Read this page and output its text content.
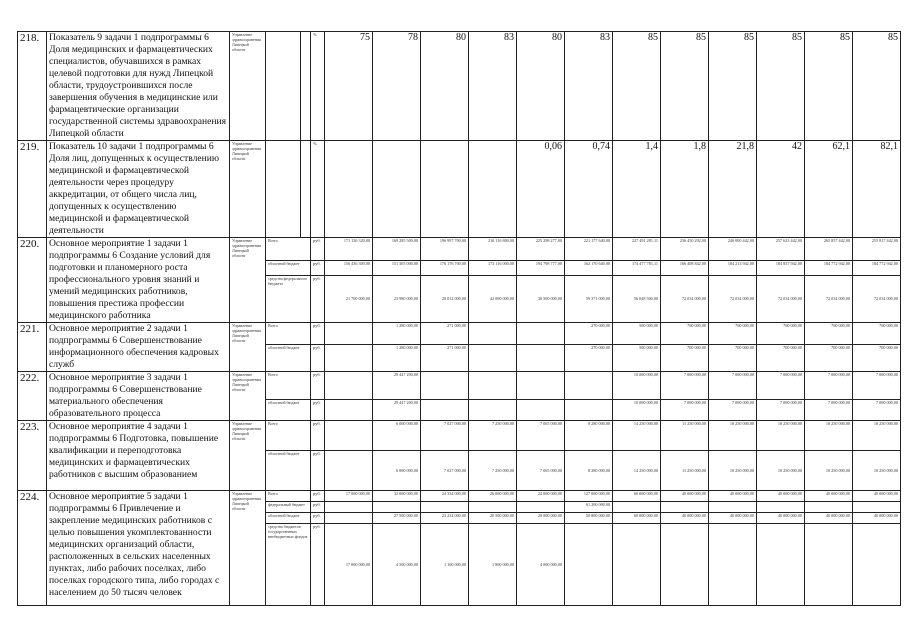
218.	Показатель 9 задачи 1 подпрограммы 6 Доля медицинских и фармацевтических специалистов, обучавшихся в рамках целевой подготовки для нужд Липецкой области, трудоустроившихся после завершения обучения в медицинские или фармацевтические организации государственной системы здравоохранения Липецкой области	Управление здравоохранения Липецкой области			%	75	78	80	83	80	83	85	85	85	85	85	85
219.	Показатель 10 задачи 1 подпрограммы 6 Доля лиц, допущенных к осуществлению медицинской и фармацевтической деятельности через процедуру аккредитации, от общего числа лиц, допущенных к осуществлению медицинской и фармацевтической деятельности	Управление здравоохранения Липецкой области			%					0,06	0,74	1,4	1,8	21,8	42	62,1	82,1
220.	Основное мероприятие 1 задачи 1 подпрограммы 6 Создание условий для подготовки и планомерного роста профессионального уровня знаний и умений медицинских работников, повышения престижа профессии медицинского работника	Управление здравоохранения Липецкой области	Всего		руб.	171 136 320,00	169 285 500,00	196 997 700,00	216 116 800,00	225 298 277,00	221 177 640,00	227 491 281,11	236 450 292,00	246 000 442,00	257 623 442,00	265 857 442,00	255 817 442,00
			областной бюджет		руб.	156 436 300,00	151 305 000,00	176 176 700,00	173 116 000,00	194 798 777,00	162 170 640,00	174 477 781,11	166 408 842,00	184 213 942,00	184 837 942,00	184 772 942,00	184 772 942,00
			средства федерального бюджета		руб.	21 700 000,00	23 980 000,00	20 012 000,00	42 000 000,00	30 500 000,00	59 371 000,00	56 048 500,00	72 034 000,00	72 034 000,00	72 034 000,00	72 034 000,00	72 034 000,00
221.	Основное мероприятие 2 задачи 1 подпрограммы 6 Совершенствование информационного обеспечения кадровых служб	Управление здравоохранения Липецкой области	Всего		руб.		1 280 000,00	271 000,00			270 000,00	500 000,00	700 000,00	700 000,00	700 000,00	700 000,00	700 000,00
			областной бюджет		руб.		1 280 000,00	271 000,00			270 000,00	500 000,00	700 000,00	700 000,00	700 000,00	700 000,00	700 000,00
222.	Основное мероприятие 3 задачи 1 подпрограммы 6 Совершенствование материального обеспечения образовательного процесса	Управление здравоохранения Липецкой области	Всего		руб.		29 447 200,00					10 000 000,00	7 000 000,00	7 000 000,00	7 000 000,00	7 000 000,00	7 000 000,00
			областной бюджет		руб.		29 447 200,00					10 000 000,00	7 000 000,00	7 000 000,00	7 000 000,00	7 000 000,00	7 000 000,00
223.	Основное мероприятие 4 задачи 1 подпрограммы 6 Подготовка, повышение квалификации и переподготовка медицинских и фармацевтических работников с высшим образованием	Управление здравоохранения Липецкой области	Всего		руб.		6 000 000,00	7 027 000,00	7 250 000,00	7 065 000,00	8 280 000,00	14 250 000,00	11 250 000,00	10 250 000,00	10 250 000,00	10 250 000,00	10 250 000,00
			областной бюджет		руб.		6 000 000,00	7 027 000,00	7 250 000,00	7 065 000,00	8 280 000,00	14 250 000,00	11 250 000,00	10 250 000,00	10 250 000,00	10 250 000,00	10 250 000,00
224.	Основное мероприятие 5 задачи 1 подпрограммы 6 Привлечение и закрепление медицинских работников с целью повышения укомплектованности медицинских организаций области, расположенных в сельских населенных пунктах, либо рабочих поселках, либо поселках городского типа, либо городах с населением до 50 тысяч человек	Управление здравоохранения Липецкой области	Всего		руб.	17 000 000,00	32 000 000,00	24 334 000,00	26 000 000,00	24 000 000,00	127 000 000,00	60 000 000,00	40 000 000,00	40 000 000,00	40 000 000,00	40 000 000,00	40 000 000,00
			федеральный бюджет		руб.						61 200 000,00						
			областной бюджет		руб.		27 500 000,00	23 234 000,00	20 500 000,00	20 000 000,00	50 800 000,00	60 000 000,00	40 000 000,00	40 000 000,00	40 000 000,00	40 000 000,00	40 000 000,00
			средства бюджетов государственных внебюджетных фондов		руб.	17 000 000,00	4 500 000,00	1 100 000,00	1 800 000,00	4 000 000,00							
